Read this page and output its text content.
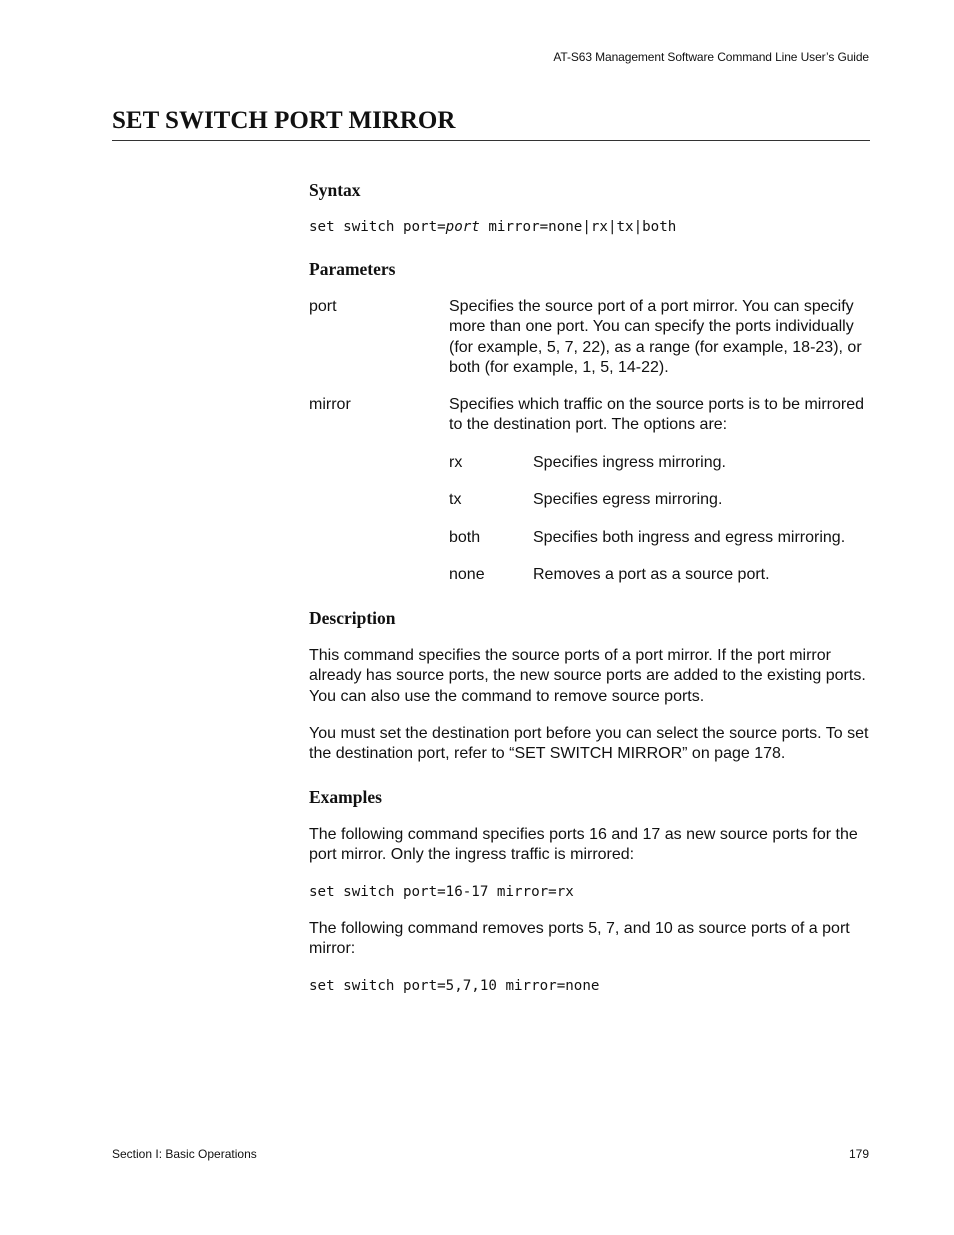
AT-S63 Management Software Command Line User’s Guide
SET SWITCH PORT MIRROR
Syntax
set switch port=port mirror=none|rx|tx|both
Parameters
port	Specifies the source port of a port mirror. You can specify more than one port. You can specify the ports individually (for example, 5, 7, 22), as a range (for example, 18-23), or both (for example, 1, 5, 14-22).
mirror	Specifies which traffic on the source ports is to be mirrored to the destination port. The options are:
rx	Specifies ingress mirroring.
tx	Specifies egress mirroring.
both	Specifies both ingress and egress mirroring.
none	Removes a port as a source port.
Description

This command specifies the source ports of a port mirror. If the port mirror already has source ports, the new source ports are added to the existing ports. You can also use the command to remove source ports.

You must set the destination port before you can select the source ports. To set the destination port, refer to “SET SWITCH MIRROR” on page 178.

Examples

The following command specifies ports 16 and 17 as new source ports for the port mirror. Only the ingress traffic is mirrored:

set switch port=16-17 mirror=rx

The following command removes ports 5, 7, and 10 as source ports of a port mirror:

set switch port=5,7,10 mirror=none
Section I: Basic Operations	179
